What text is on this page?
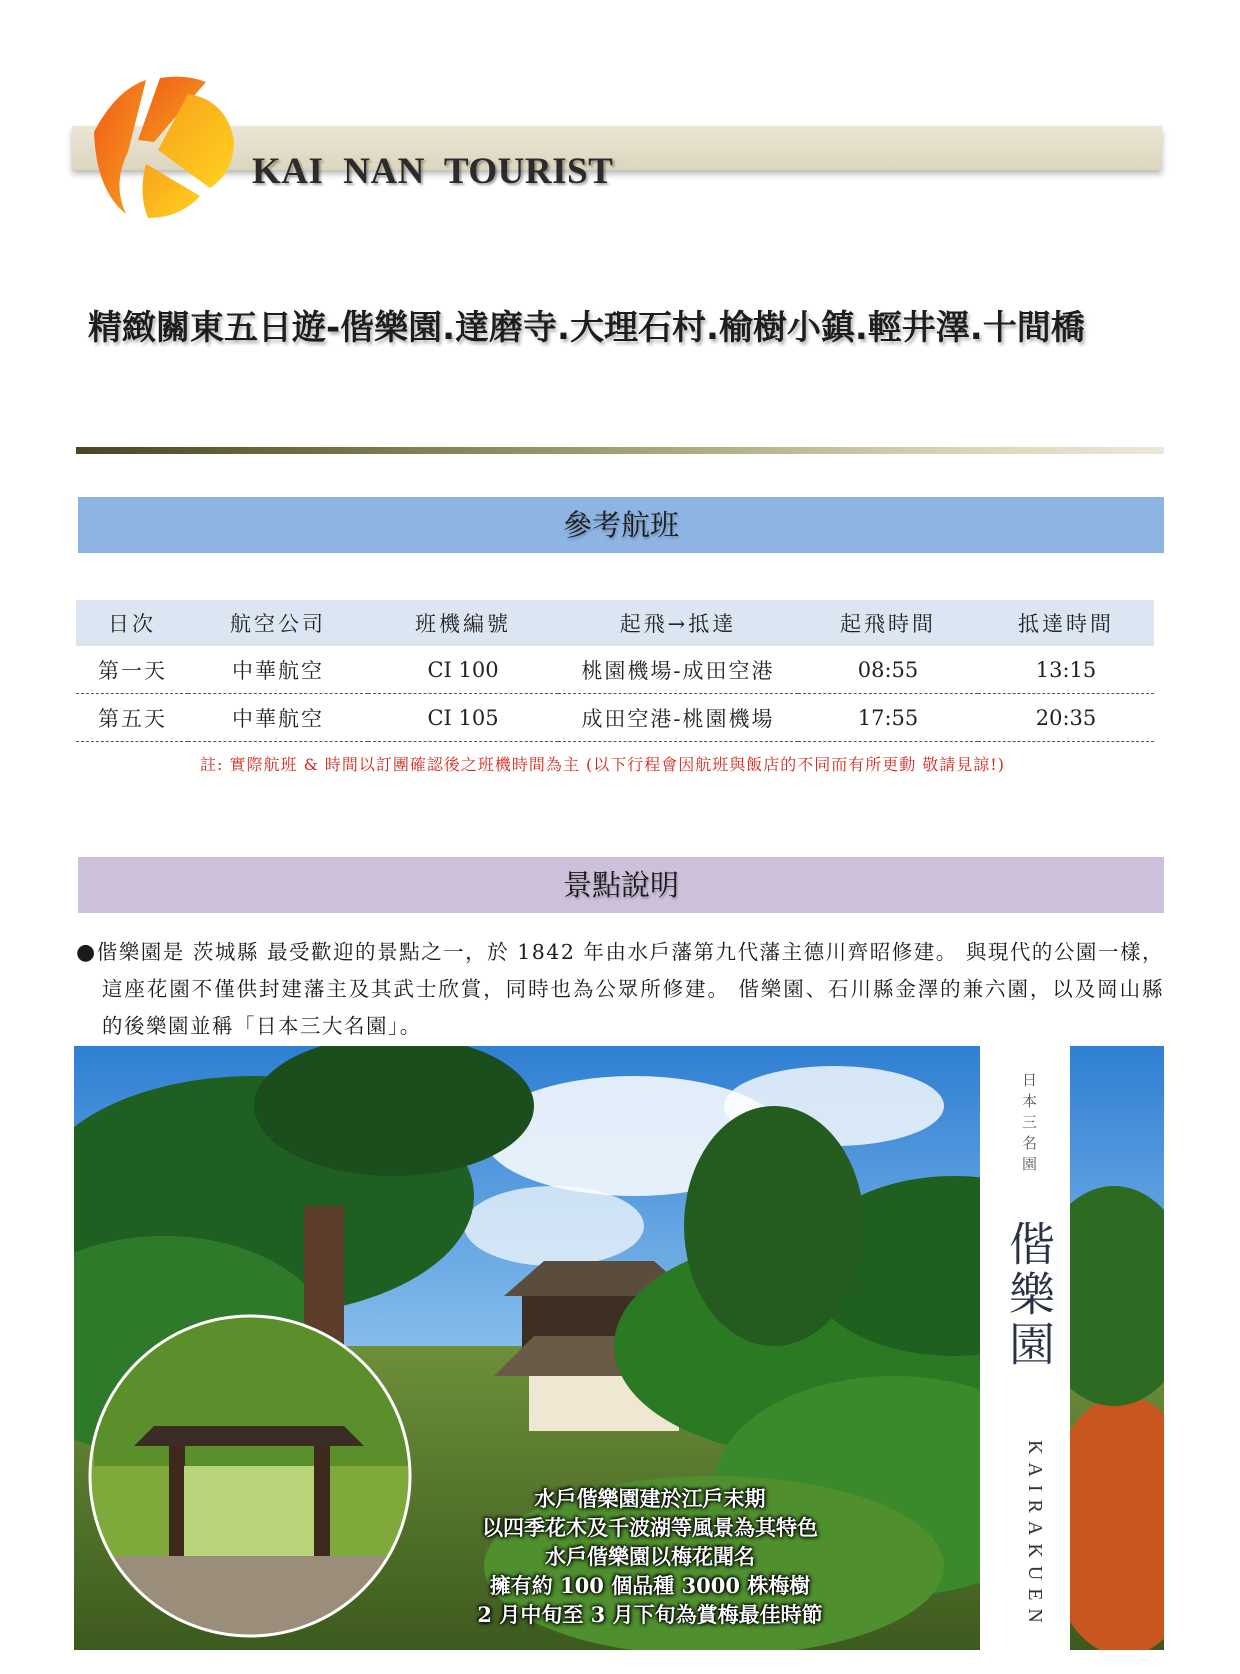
KAI NAN TOURIST
精緻關東五日遊-偕樂園.達磨寺.大理石村.榆樹小鎮.輕井澤.十間橋
參考航班
日次	航空公司	班機編號	起飛→抵達	起飛時間	抵達時間
第一天	中華航空	CI 100	桃園機場-成田空港	08:55	13:15
第五天	中華航空	CI 105	成田空港-桃園機場	17:55	20:35
註: 實際航班 & 時間以訂團確認後之班機時間為主 (以下行程會因航班與飯店的不同而有所更動 敬請見諒!)
景點說明
●偕樂園是 茨城縣 最受歡迎的景點之一，於 1842 年由水戶藩第九代藩主德川齊昭修建。 與現代的公園一樣，這座花園不僅供封建藩主及其武士欣賞，同時也為公眾所修建。 偕樂園、石川縣金澤的兼六園，以及岡山縣的後樂園並稱「日本三大名園」。
日本三名園
偕樂園
KAIRAKUEN
水戶偕樂園建於江戶末期
以四季花木及千波湖等風景為其特色
水戶偕樂園以梅花聞名
擁有約 100 個品種 3000 株梅樹
2 月中旬至 3 月下旬為賞梅最佳時節
